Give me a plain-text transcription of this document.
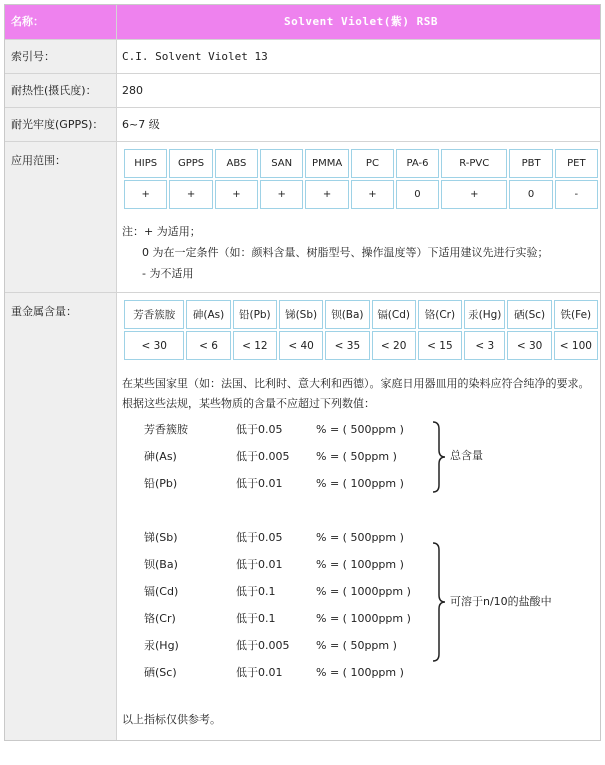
名称：	Solvent Violet(紫) RSB
索引号：	C.I. Solvent Violet 13
耐热性(摄氏度)：	280
耐光牢度(GPPS)：	6~7 级
应用范围：	HIPS	GPPS	ABS	SAN	PMMA	PC	PA-6	R-PVC	PBT	PET
+	+	+	+	+	+	0	+	0	-
注：+ 为适用；
0 为在一定条件（如：颜料含量、树脂型号、操作温度等）下适用建议先进行实验；
- 为不适用
重金属含量：	芳香簇胺	砷(As)	铅(Pb)	锑(Sb)	钡(Ba)	镉(Cd)	铬(Cr)	汞(Hg)	硒(Sc)	铁(Fe)
< 30	< 6	< 12	< 40	< 35	< 20	< 15	< 3	< 30	< 100
在某些国家里（如：法国、比利时、意大利和西德）。家庭日用器皿用的染料应符合纯净的要求。根据这些法规，某些物质的含量不应超过下列数值：
芳香簇胺	低于0.05	% = ( 500ppm )
砷(As)	低于0.005 % = ( 50ppm )
铅(Pb)	低于0.01	% = ( 100ppm )
总含量
锑(Sb)	低于0.05	% = ( 500ppm )
钡(Ba)	低于0.01	% = ( 100ppm )
镉(Cd)	低于0.1	% = ( 1000ppm )
铬(Cr)	低于0.1	% = ( 1000ppm )
汞(Hg)	低于0.005 % = ( 50ppm )
硒(Sc)	低于0.01	% = ( 100ppm )
可溶于n/10的盐酸中
以上指标仅供参考。
